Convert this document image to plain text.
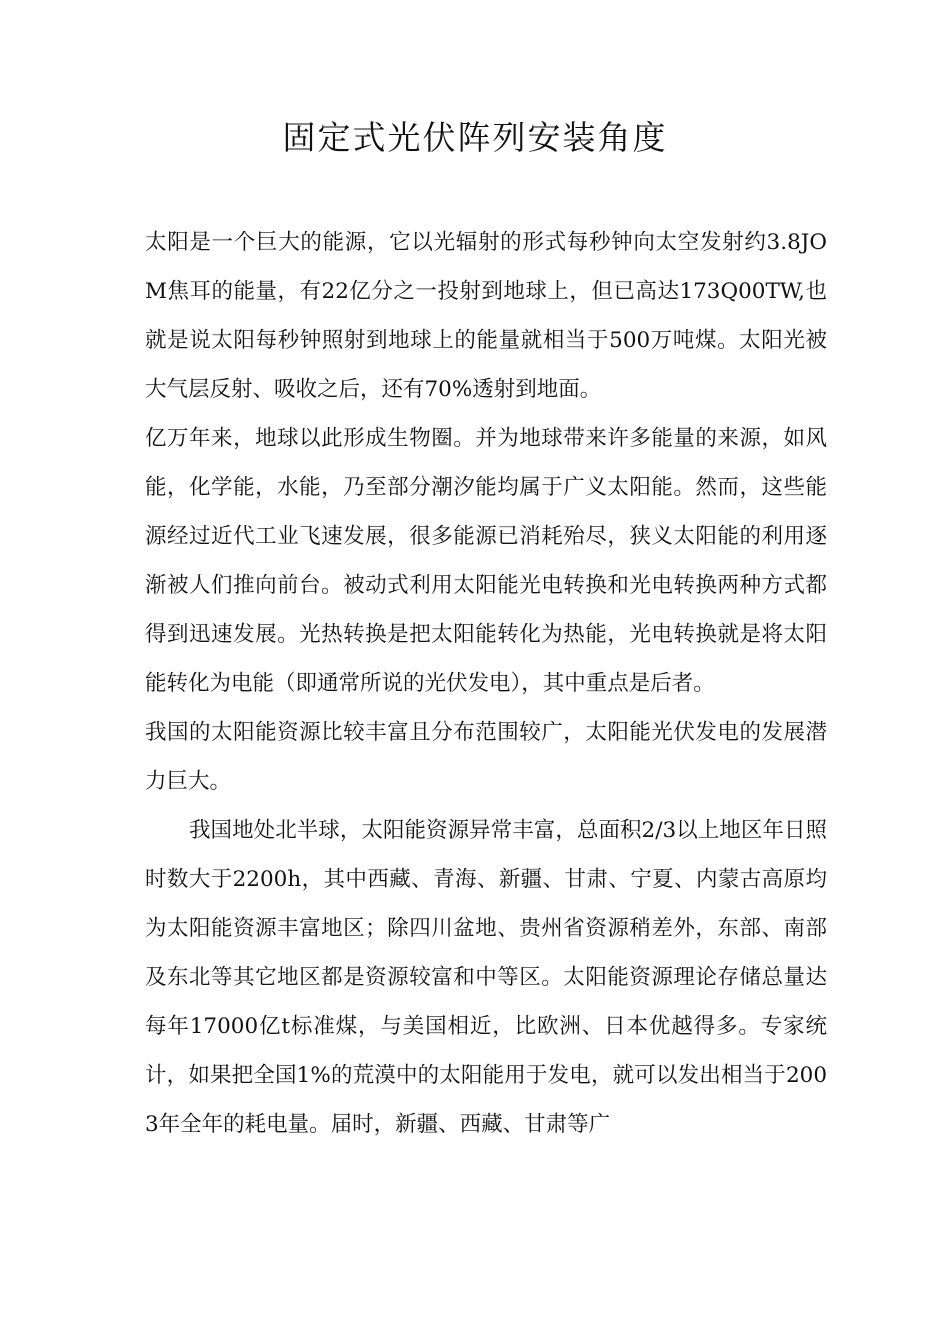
固定式光伏阵列安装角度

太阳是一个巨大的能源，它以光辐射的形式每秒钟向太空发射约3.8JOM焦耳的能量，有22亿分之一投射到地球上，但已高达173Q00TW,也就是说太阳每秒钟照射到地球上的能量就相当于500万吨煤。太阳光被大气层反射、吸收之后，还有70%透射到地面。

亿万年来，地球以此形成生物圈。并为地球带来许多能量的来源，如风能，化学能，水能，乃至部分潮汐能均属于广义太阳能。然而，这些能源经过近代工业飞速发展，很多能源已消耗殆尽，狭义太阳能的利用逐渐被人们推向前台。被动式利用太阳能光电转换和光电转换两种方式都得到迅速发展。光热转换是把太阳能转化为热能，光电转换就是将太阳能转化为电能（即通常所说的光伏发电），其中重点是后者。

我国的太阳能资源比较丰富且分布范围较广，太阳能光伏发电的发展潜力巨大。

我国地处北半球，太阳能资源异常丰富，总面积2/3以上地区年日照时数大于2200h，其中西藏、青海、新疆、甘肃、宁夏、内蒙古高原均为太阳能资源丰富地区；除四川盆地、贵州省资源稍差外，东部、南部及东北等其它地区都是资源较富和中等区。太阳能资源理论存储总量达每年17000亿t标准煤，与美国相近，比欧洲、日本优越得多。专家统计，如果把全国1%的荒漠中的太阳能用于发电，就可以发出相当于2003年全年的耗电量。届时，新疆、西藏、甘肃等广
